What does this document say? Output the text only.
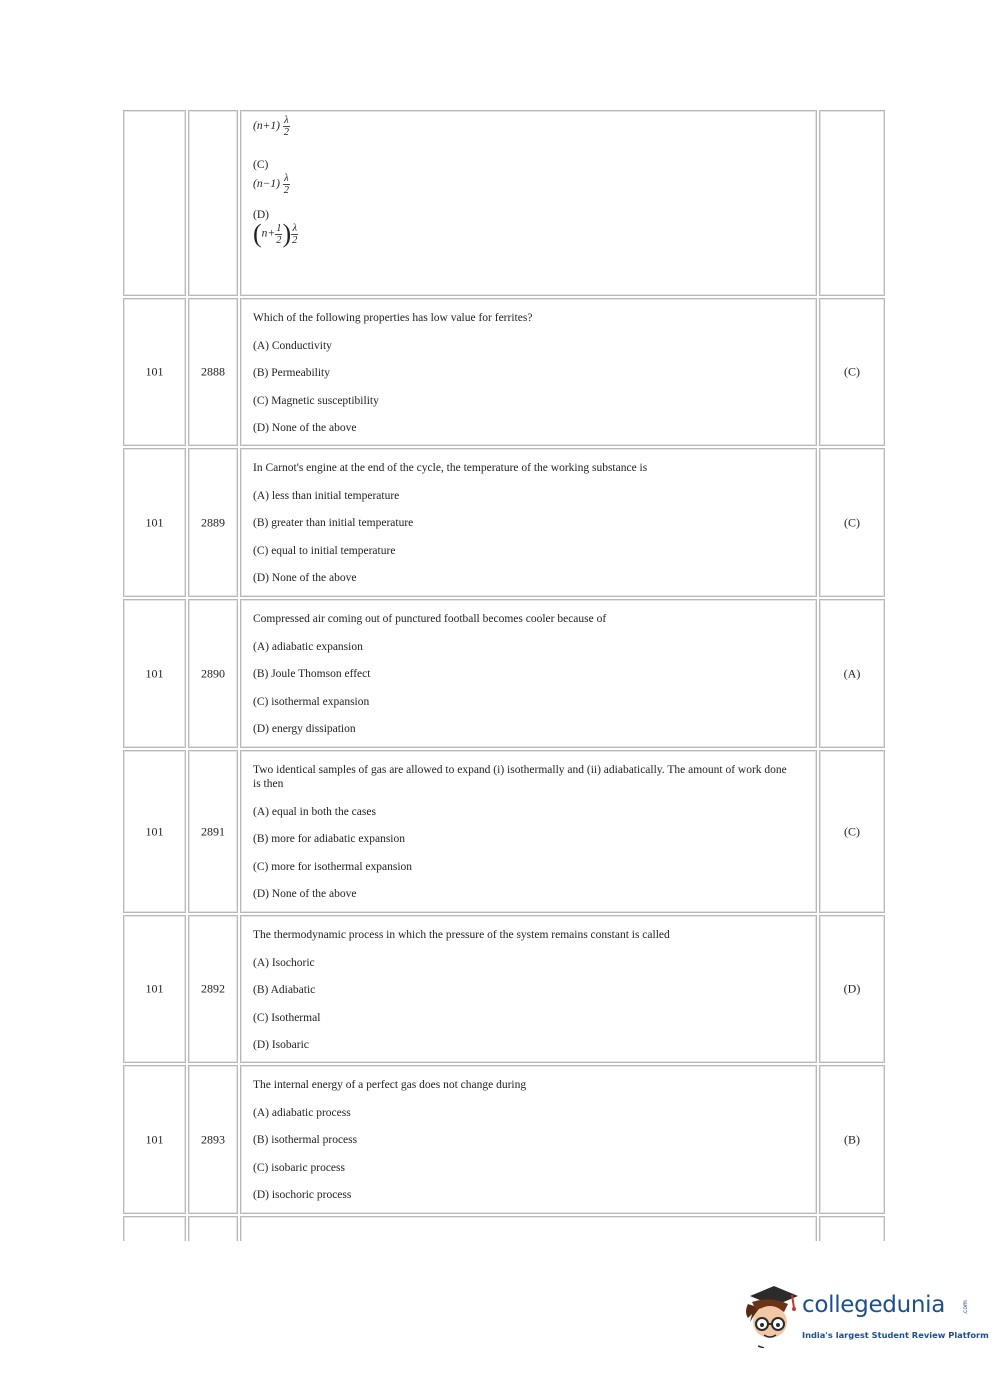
$(n+1) \frac{\lambda}{2}$
(C)
$(n-1) \frac{\lambda}{2}$
(D)
($n+ \frac{1}{2}$ ) $\frac{\lambda}{2}$
101	2888
Which of the following properties has low value for ferrites?
(A) Conductivity
(B) Permeability
(C) Magnetic susceptibility
(D) None of the above
(C)
101	2889
In Carnot's engine at the end of the cycle, the temperature of the working substance is
(A) less than initial temperature
(B) greater than initial temperature
(C) equal to initial temperature
(D) None of the above
(C)
101	2890
Compressed air coming out of punctured football becomes cooler because of
(A) adiabatic expansion
(B) Joule Thomson effect
(C) isothermal expansion
(D) energy dissipation
(A)
101	2891
Two identical samples of gas are allowed to expand (i) isothermally and (ii) adiabatically. The amount of work done is then
(A) equal in both the cases
(B) more for adiabatic expansion
(C) more for isothermal expansion
(D) None of the above
(C)
101	2892
The thermodynamic process in which the pressure of the system remains constant is called
(A) Isochoric
(B) Adiabatic
(C) Isothermal
(D) Isobaric
(D)
101	2893
The internal energy of a perfect gas does not change during
(A) adiabatic process
(B) isothermal process
(C) isobaric process
(D) isochoric process
(B)
collegedunia	.com
India's largest Student Review Platform
